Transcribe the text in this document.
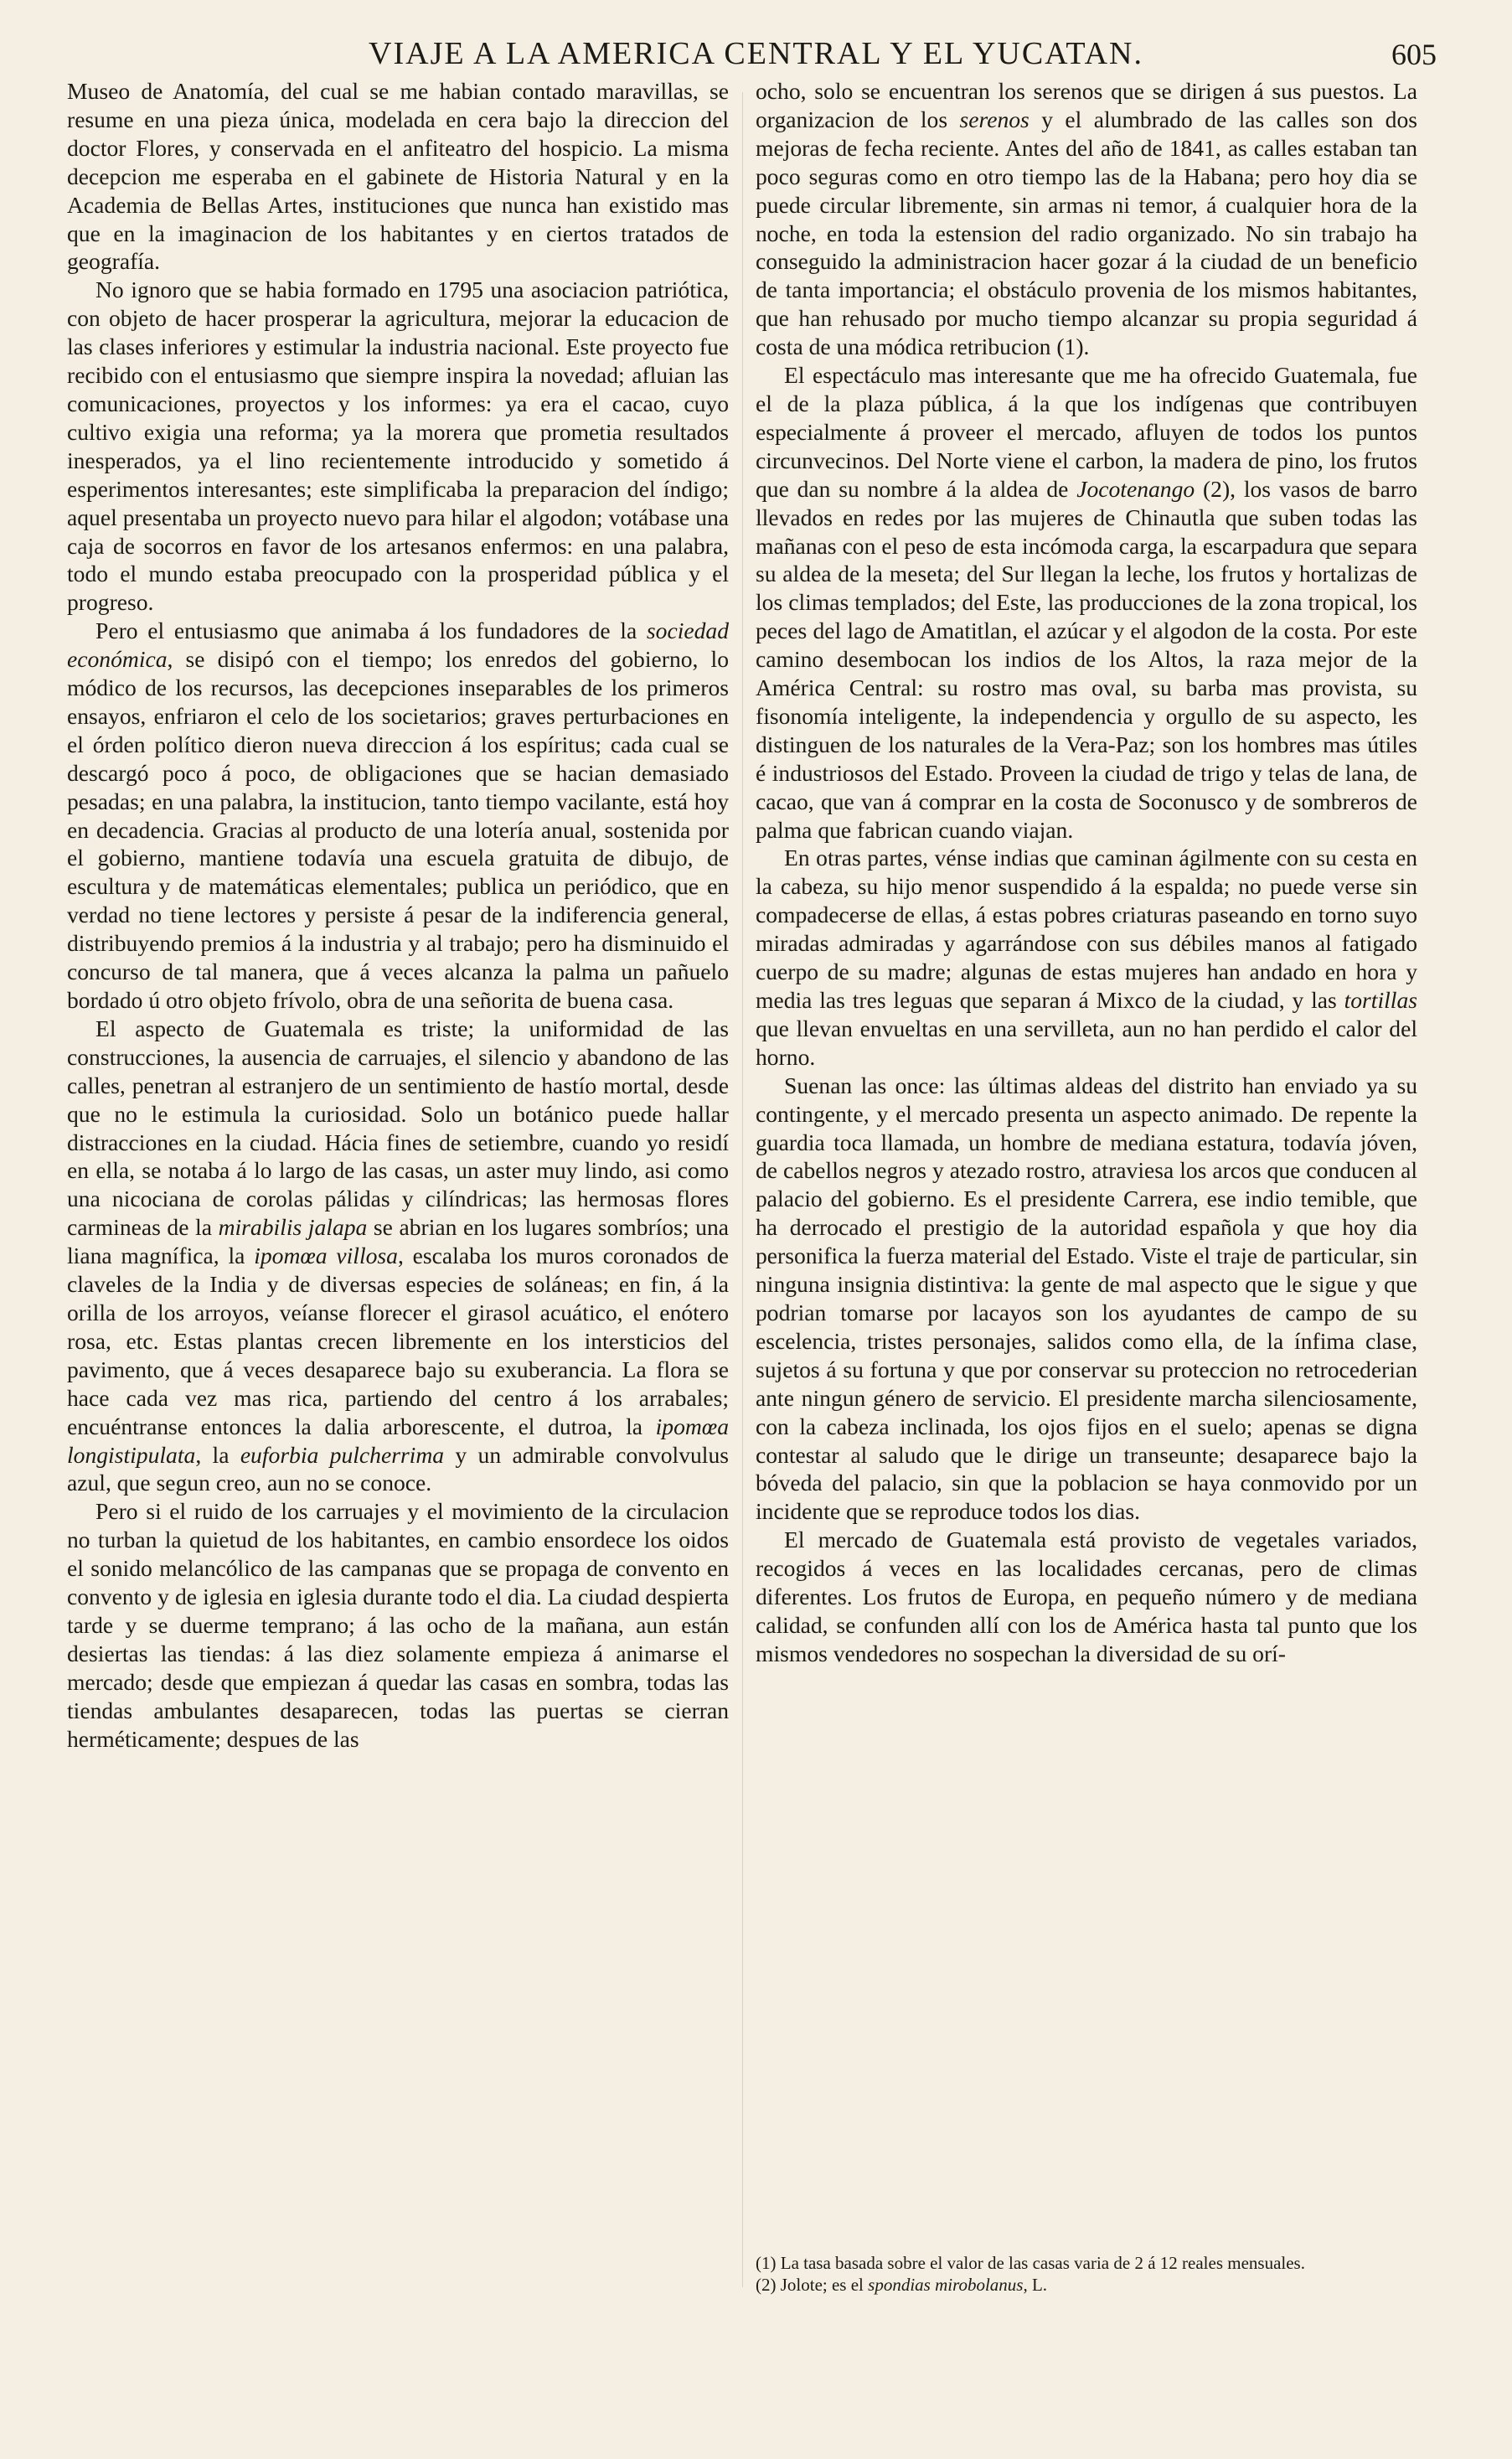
VIAJE A LA AMERICA CENTRAL Y EL YUCATAN.	605

Museo de Anatomía, del cual se me habian contado maravillas, se resume en una pieza única, modelada en cera bajo la direccion del doctor Flores, y conservada en el anfiteatro del hospicio. La misma decepcion me esperaba en el gabinete de Historia Natural y en la Academia de Bellas Artes, instituciones que nunca han existido mas que en la imaginacion de los habitantes y en ciertos tratados de geografía.

No ignoro que se habia formado en 1795 una asociacion patriótica, con objeto de hacer prosperar la agricultura, mejorar la educacion de las clases inferiores y estimular la industria nacional. Este proyecto fue recibido con el entusiasmo que siempre inspira la novedad; afluian las comunicaciones, proyectos y los informes: ya era el cacao, cuyo cultivo exigia una reforma; ya la morera que prometia resultados inesperados, ya el lino recientemente introducido y sometido á esperimentos interesantes; este simplificaba la preparacion del índigo; aquel presentaba un proyecto nuevo para hilar el algodon; votábase una caja de socorros en favor de los artesanos enfermos: en una palabra, todo el mundo estaba preocupado con la prosperidad pública y el progreso.

Pero el entusiasmo que animaba á los fundadores de la sociedad económica, se disipó con el tiempo; los enredos del gobierno, lo módico de los recursos, las decepciones inseparables de los primeros ensayos, enfriaron el celo de los societarios; graves perturbaciones en el órden político dieron nueva direccion á los espíritus; cada cual se descargó poco á poco, de obligaciones que se hacian demasiado pesadas; en una palabra, la institucion, tanto tiempo vacilante, está hoy en decadencia. Gracias al producto de una lotería anual, sostenida por el gobierno, mantiene todavía una escuela gratuita de dibujo, de escultura y de matemáticas elementales; publica un periódico, que en verdad no tiene lectores y persiste á pesar de la indiferencia general, distribuyendo premios á la industria y al trabajo; pero ha disminuido el concurso de tal manera, que á veces alcanza la palma un pañuelo bordado ú otro objeto frívolo, obra de una señorita de buena casa.

El aspecto de Guatemala es triste; la uniformidad de las construcciones, la ausencia de carruajes, el silencio y abandono de las calles, penetran al estranjero de un sentimiento de hastío mortal, desde que no le estimula la curiosidad. Solo un botánico puede hallar distracciones en la ciudad. Hácia fines de setiembre, cuando yo residí en ella, se notaba á lo largo de las casas, un aster muy lindo, asi como una nicociana de corolas pálidas y cilíndricas; las hermosas flores carmineas de la mirabilis jalapa se abrian en los lugares sombríos; una liana magnífica, la ipomœa villosa, escalaba los muros coronados de claveles de la India y de diversas especies de soláneas; en fin, á la orilla de los arroyos, veíanse florecer el girasol acuático, el enótero rosa, etc. Estas plantas crecen libremente en los intersticios del pavimento, que á veces desaparece bajo su exuberancia. La flora se hace cada vez mas rica, partiendo del centro á los arrabales; encuéntranse entonces la dalia arborescente, el dutroa, la ipomœa longistipulata, la euforbia pulcherrima y un admirable convolvulus azul, que segun creo, aun no se conoce.

Pero si el ruido de los carruajes y el movimiento de la circulacion no turban la quietud de los habitantes, en cambio ensordece los oidos el sonido melancólico de las campanas que se propaga de convento en convento y de iglesia en iglesia durante todo el dia. La ciudad despierta tarde y se duerme temprano; á las ocho de la mañana, aun están desiertas las tiendas: á las diez solamente empieza á animarse el mercado; desde que empiezan á quedar las casas en sombra, todas las tiendas ambulantes desaparecen, todas las puertas se cierran herméticamente; despues de las

ocho, solo se encuentran los serenos que se dirigen á sus puestos. La organizacion de los serenos y el alumbrado de las calles son dos mejoras de fecha reciente. Antes del año de 1841, as calles estaban tan poco seguras como en otro tiempo las de la Habana; pero hoy dia se puede circular libremente, sin armas ni temor, á cualquier hora de la noche, en toda la estension del radio organizado. No sin trabajo ha conseguido la administracion hacer gozar á la ciudad de un beneficio de tanta importancia; el obstáculo provenia de los mismos habitantes, que han rehusado por mucho tiempo alcanzar su propia seguridad á costa de una módica retribucion (1).

El espectáculo mas interesante que me ha ofrecido Guatemala, fue el de la plaza pública, á la que los indígenas que contribuyen especialmente á proveer el mercado, afluyen de todos los puntos circunvecinos. Del Norte viene el carbon, la madera de pino, los frutos que dan su nombre á la aldea de Jocotenango (2), los vasos de barro llevados en redes por las mujeres de Chinautla que suben todas las mañanas con el peso de esta incómoda carga, la escarpadura que separa su aldea de la meseta; del Sur llegan la leche, los frutos y hortalizas de los climas templados; del Este, las producciones de la zona tropical, los peces del lago de Amatitlan, el azúcar y el algodon de la costa. Por este camino desembocan los indios de los Altos, la raza mejor de la América Central: su rostro mas oval, su barba mas provista, su fisonomía inteligente, la independencia y orgullo de su aspecto, les distinguen de los naturales de la Vera-Paz; son los hombres mas útiles é industriosos del Estado. Proveen la ciudad de trigo y telas de lana, de cacao, que van á comprar en la costa de Soconusco y de sombreros de palma que fabrican cuando viajan.

En otras partes, vénse indias que caminan ágilmente con su cesta en la cabeza, su hijo menor suspendido á la espalda; no puede verse sin compadecerse de ellas, á estas pobres criaturas paseando en torno suyo miradas admiradas y agarrándose con sus débiles manos al fatigado cuerpo de su madre; algunas de estas mujeres han andado en hora y media las tres leguas que separan á Mixco de la ciudad, y las tortillas que llevan envueltas en una servilleta, aun no han perdido el calor del horno.

Suenan las once: las últimas aldeas del distrito han enviado ya su contingente, y el mercado presenta un aspecto animado. De repente la guardia toca llamada, un hombre de mediana estatura, todavía jóven, de cabellos negros y atezado rostro, atraviesa los arcos que conducen al palacio del gobierno. Es el presidente Carrera, ese indio temible, que ha derrocado el prestigio de la autoridad española y que hoy dia personifica la fuerza material del Estado. Viste el traje de particular, sin ninguna insignia distintiva: la gente de mal aspecto que le sigue y que podrian tomarse por lacayos son los ayudantes de campo de su escelencia, tristes personajes, salidos como ella, de la ínfima clase, sujetos á su fortuna y que por conservar su proteccion no retrocederian ante ningun género de servicio. El presidente marcha silenciosamente, con la cabeza inclinada, los ojos fijos en el suelo; apenas se digna contestar al saludo que le dirige un transeunte; desaparece bajo la bóveda del palacio, sin que la poblacion se haya conmovido por un incidente que se reproduce todos los dias.

El mercado de Guatemala está provisto de vegetales variados, recogidos á veces en las localidades cercanas, pero de climas diferentes. Los frutos de Europa, en pequeño número y de mediana calidad, se confunden allí con los de América hasta tal punto que los mismos vendedores no sospechan la diversidad de su orí-

(1) La tasa basada sobre el valor de las casas varia de 2 á 12 reales mensuales.
(2) Jolote; es el spondias mirobolanus, L.
